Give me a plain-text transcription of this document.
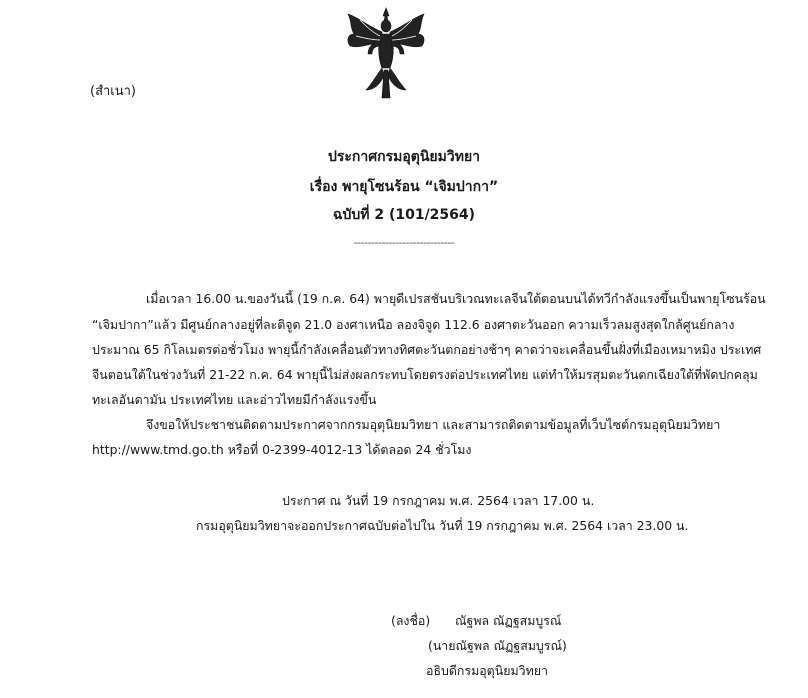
(สำเนา)
ประกาศกรมอุตุนิยมวิทยา
เรื่อง พายุโซนร้อน “เจิมปากา”
ฉบับที่ 2 (101/2564)
-----------------------------
เมื่อเวลา 16.00 น.ของวันนี้ (19 ก.ค. 64) พายุดีเปรสชันบริเวณทะเลจีนใต้ตอนบนได้ทวีกำลังแรงขึ้นเป็นพายุโซนร้อน
“เจิมปากา”แล้ว มีศูนย์กลางอยู่ที่ละติจูด 21.0 องศาเหนือ ลองจิจูด 112.6 องศาตะวันออก ความเร็วลมสูงสุดใกล้ศูนย์กลาง
ประมาณ 65 กิโลเมตรต่อชั่วโมง พายุนี้กำลังเคลื่อนตัวทางทิศตะวันตกอย่างช้าๆ คาดว่าจะเคลื่อนขึ้นฝั่งที่เมืองเหมาหมิง ประเทศ
จีนตอนใต้ในช่วงวันที่ 21-22 ก.ค. 64 พายุนี้ไม่ส่งผลกระทบโดยตรงต่อประเทศไทย แต่ทำให้มรสุมตะวันตกเฉียงใต้ที่พัดปกคลุม
ทะเลอันดามัน ประเทศไทย และอ่าวไทยมีกำลังแรงขึ้น
จึงขอให้ประชาชนติดตามประกาศจากกรมอุตุนิยมวิทยา และสามารถติดตามข้อมูลที่เว็บไซต์กรมอุตุนิยมวิทยา
http://www.tmd.go.th หรือที่ 0-2399-4012-13 ได้ตลอด 24 ชั่วโมง
ประกาศ ณ วันที่ 19 กรกฎาคม พ.ศ. 2564 เวลา 17.00 น.
กรมอุตุนิยมวิทยาจะออกประกาศฉบับต่อไปใน วันที่ 19 กรกฎาคม พ.ศ. 2564 เวลา 23.00 น.
(ลงชื่อ) ณัฐพล ณัฏฐสมบูรณ์
(นายณัฐพล ณัฏฐสมบูรณ์)
อธิบดีกรมอุตุนิยมวิทยา
